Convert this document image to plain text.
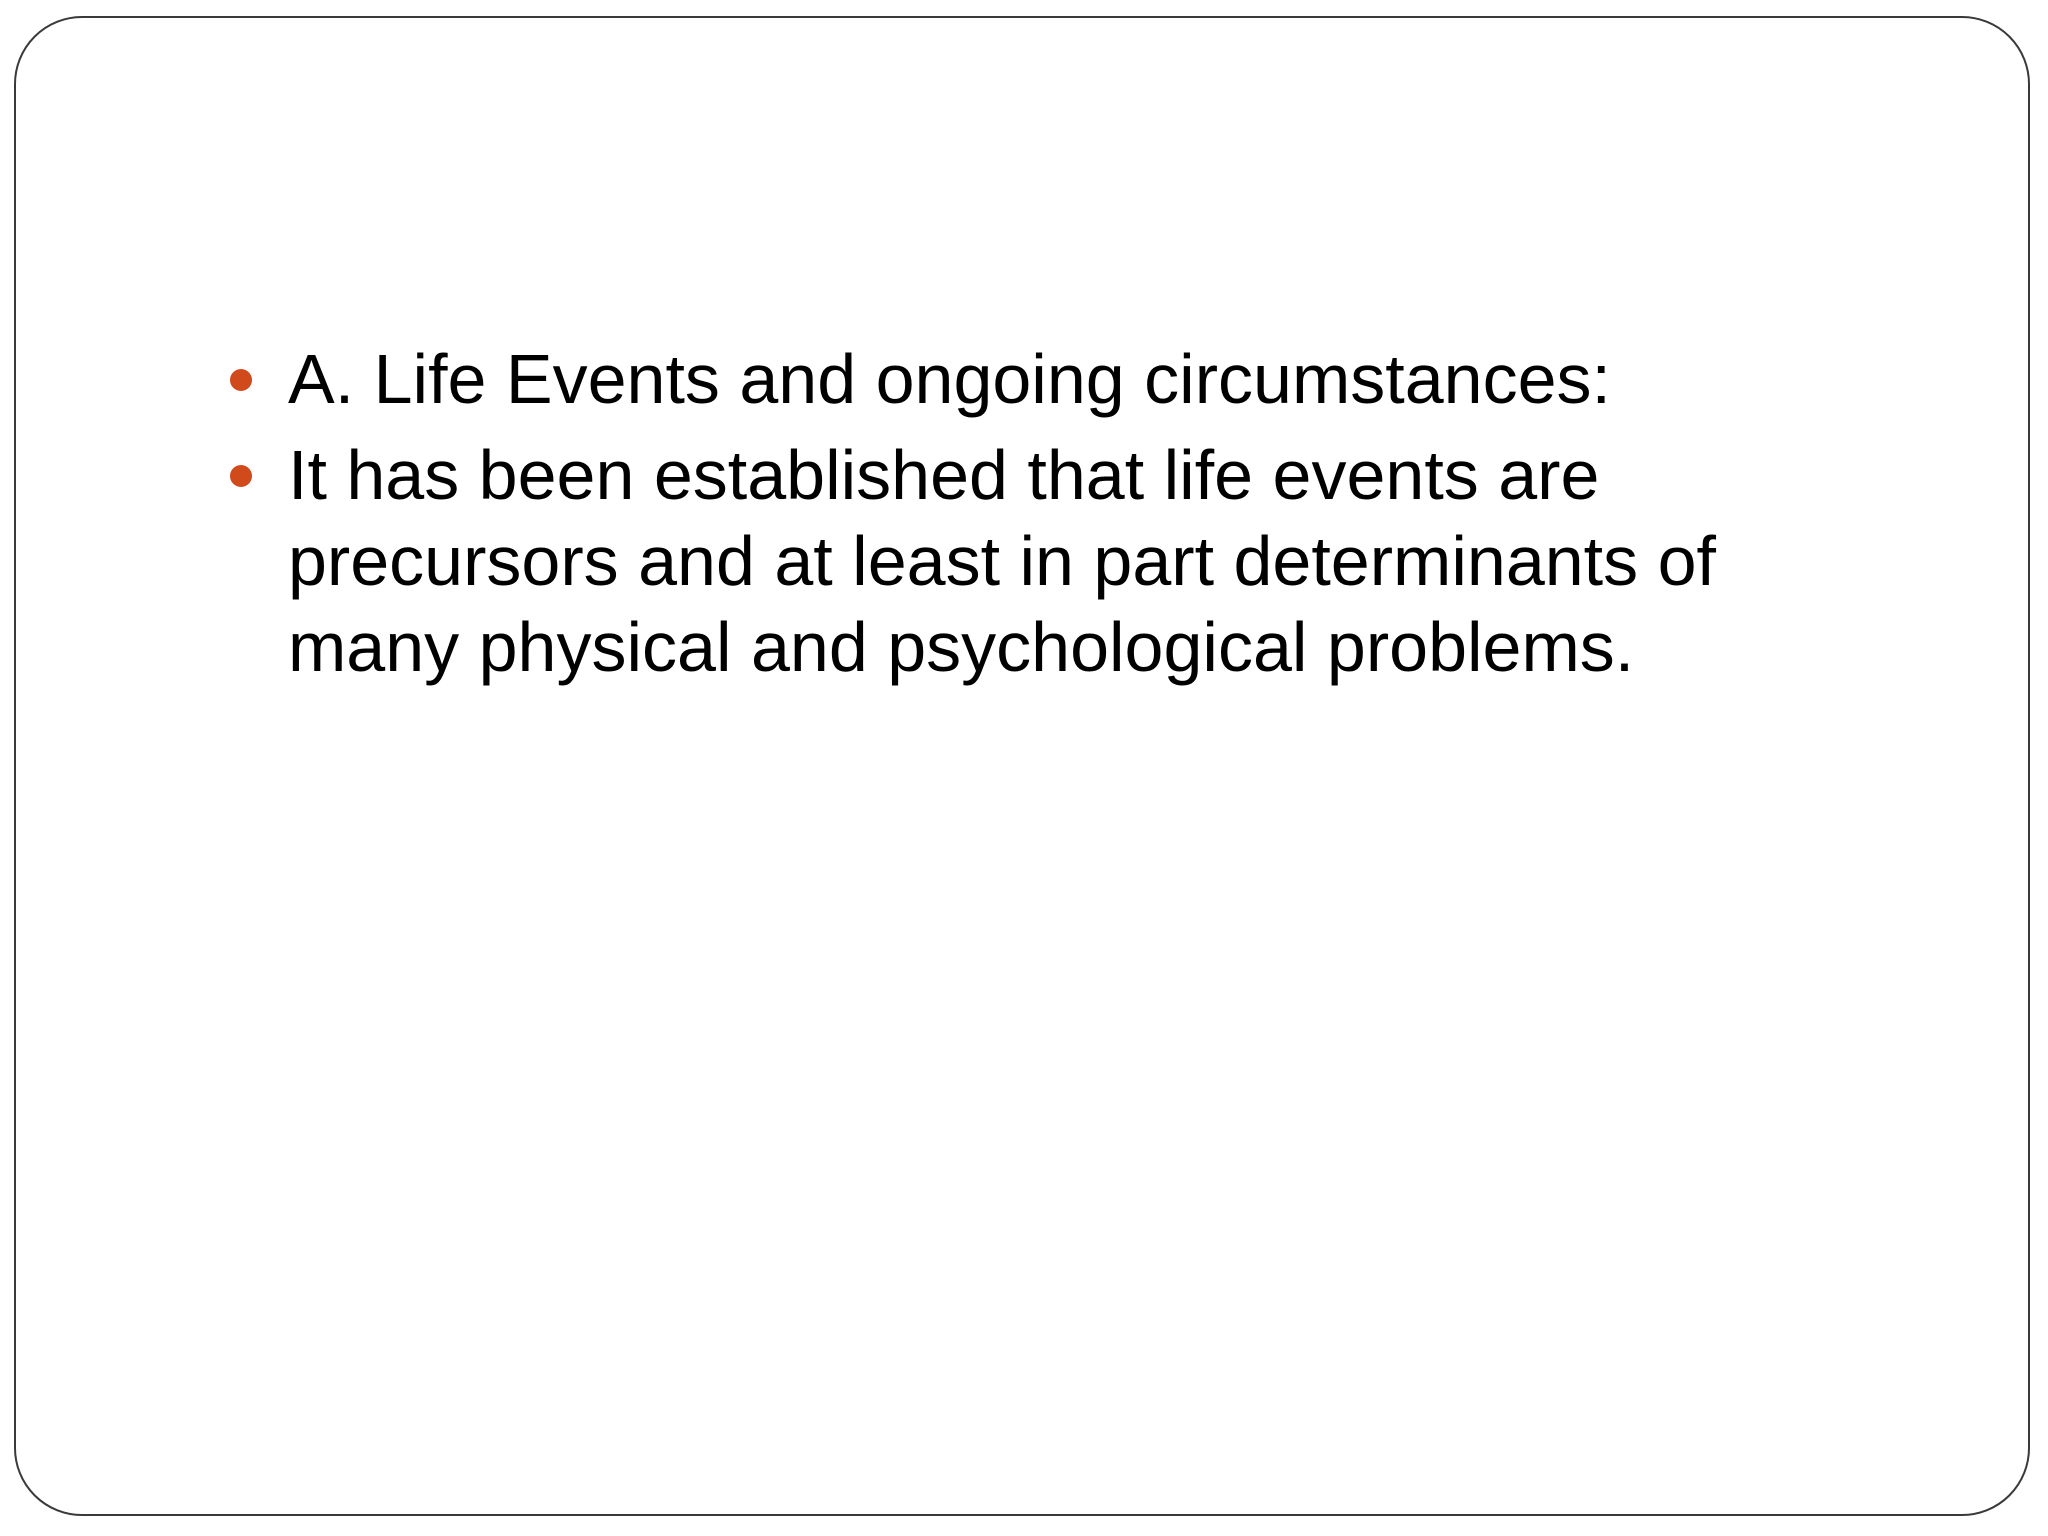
A. Life Events and ongoing circumstances:
It has been established that life events are precursors and at least in part determinants of many physical and psychological problems.
